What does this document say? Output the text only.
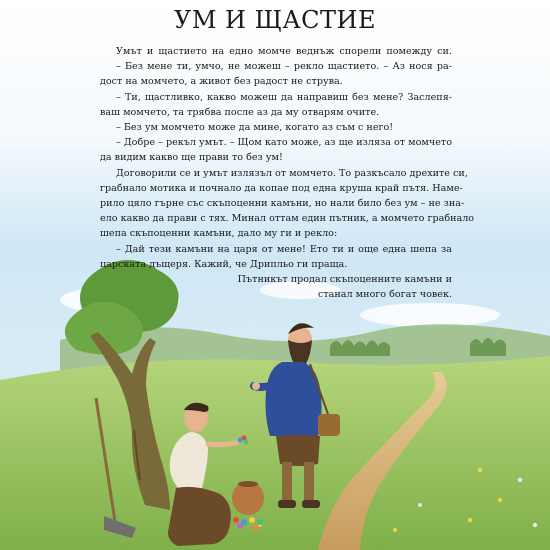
УМ И ЩАСТИЕ
Умът и щастието на едно момче веднъж спорели помежду си.
– Без мене ти, умчо, не можеш – рекло щастието. – Аз нося ра-
дост на момчето, а живот без радост не струва.
– Ти, щастливко, какво можеш да направиш без мене? Заслепя-
ваш момчето, та трябва после аз да му отварям очите.
– Без ум момчето може да мине, когато аз съм с него!
– Добре – рекъл умът. – Щом като може, аз ще изляза от момчето
да видим какво ще прави то без ум!
Договорили се и умът излязъл от момчето. То разкъсало дрехите си,
грабнало мотика и почнало да копае под една круша край пътя. Наме-
рило цяло гърне със скъпоценни камъни, но нали било без ум – не зна-
ело какво да прави с тях. Минал оттам един пътник, а момчето грабнало
шепа скъпоценни камъни, дало му ги и рекло:
– Дай тези камъни на царя от мене! Ето ти и още една шепа за
царската дъщеря. Кажий, че Дрипльо ги праща.
Пътникът продал скъпоценните камъни и
станал много богат човек.
